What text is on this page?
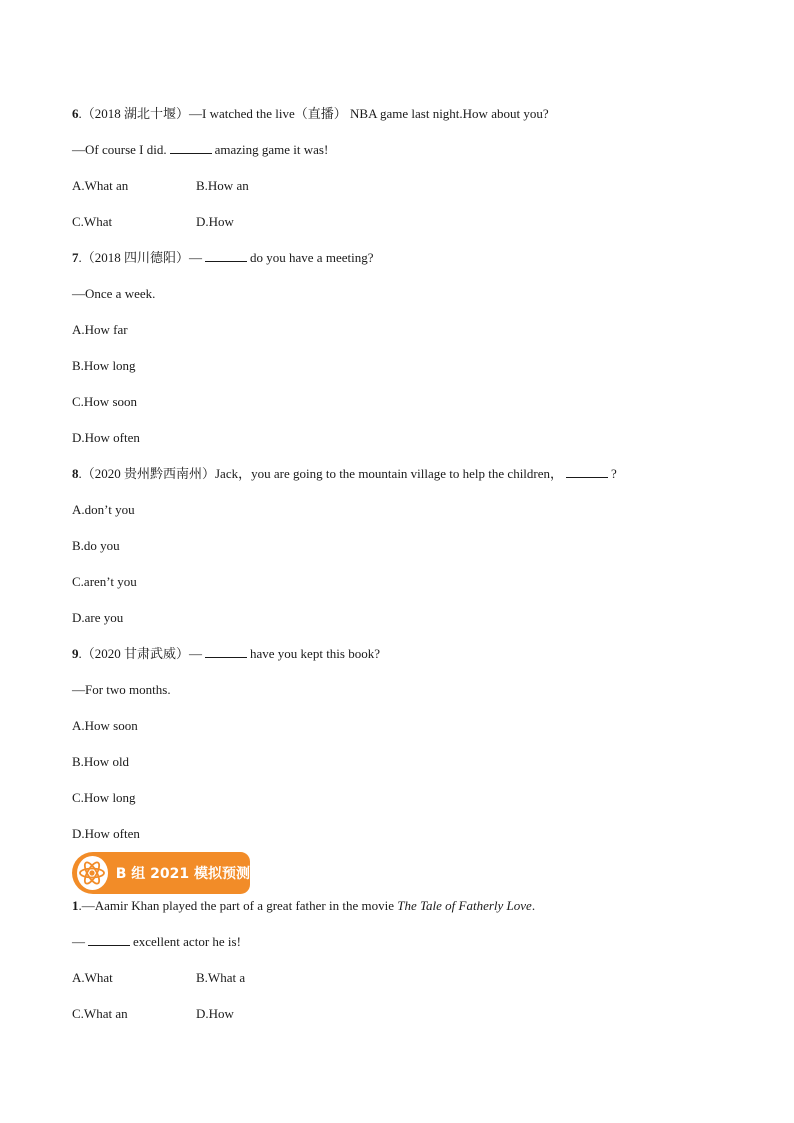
6.（2018 湖北十堰）—I watched the live（直播） NBA game last night.How about you?
—Of course I did.	amazing game it was!
A.What an	B.How an
C.What	D.How
7.（2018 四川德阳）—	do you have a meeting?
—Once a week.
A.How far
B.How long
C.How soon
D.How often
8.（2020 贵州黔西南州）Jack，you are going to the mountain village to help the children，	?
A.don’t you
B.do you
C.aren’t you
D.are you
9.（2020 甘肃武威）—	have you kept this book?
—For two months.
A.How soon
B.How old
C.How long
D.How often
B 组 2021 模拟预测
1.—Aamir Khan played the part of a great father in the movie The Tale of Fatherly Love.
—	excellent actor he is!
A.What	B.What a
C.What an	D.How
